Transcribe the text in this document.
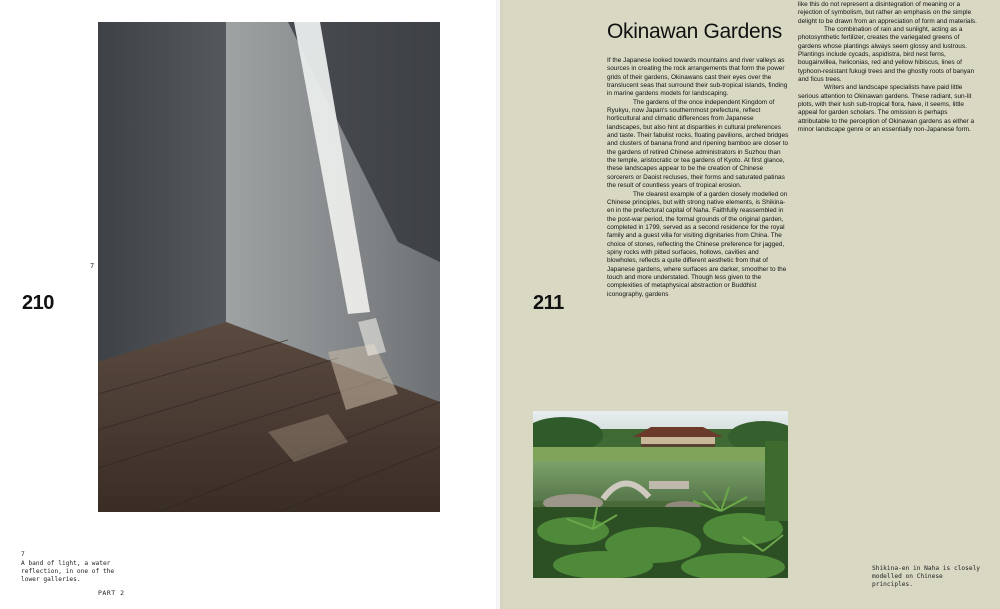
7
210
7
A band of light, a water reflection, in one of the lower galleries.
PART 2
Okinawan Gardens
211

If the Japanese looked towards mountains and river valleys as sources in creating the rock arrangements that form the power grids of their gardens, Okinawans cast their eyes over the translucent seas that surround their sub-tropical islands, finding in marine gardens models for landscaping.

The gardens of the once independent Kingdom of Ryukyu, now Japan's southernmost prefecture, reflect horticultural and climatic differences from Japanese landscapes, but also hint at disparities in cultural preferences and taste. Their fabulist rocks, floating pavilions, arched bridges and clusters of banana frond and ripening bamboo are closer to the gardens of retired Chinese administrators in Suzhou than the temple, aristocratic or tea gardens of Kyoto. At first glance, these landscapes appear to be the creation of Chinese sorcerers or Daoist recluses, their forms and saturated patinas the result of countless years of tropical erosion.

The clearest example of a garden closely modelled on Chinese principles, but with strong native elements, is Shikina-en in the prefectural capital of Naha. Faithfully reassembled in the post-war period, the formal grounds of the original garden, completed in 1799, served as a second residence for the royal family and a guest villa for visiting dignitaries from China. The choice of stones, reflecting the Chinese preference for jagged, spiny rocks with pitted surfaces, hollows, cavities and blowholes, reflects a quite different aesthetic from that of Japanese gardens, where surfaces are darker, smoother to the touch and more understated. Though less given to the complexities of metaphysical abstraction or Buddhist iconography, gardens

like this do not represent a disintegration of meaning or a rejection of symbolism, but rather an emphasis on the simple delight to be drawn from an appreciation of form and materials.

The combination of rain and sunlight, acting as a photosynthetic fertilizer, creates the variegated greens of gardens whose plantings always seem glossy and lustrous. Plantings include cycads, aspidistra, bird nest ferns, bougainvillea, heliconias, red and yellow hibiscus, lines of typhoon-resistant fukugi trees and the ghostly roots of banyan and ficus trees.

Writers and landscape specialists have paid little serious attention to Okinawan gardens. These radiant, sun-lit plots, with their lush sub-tropical flora, have, it seems, little appeal for garden scholars. The omission is perhaps attributable to the perception of Okinawan gardens as either a minor landscape genre or an essentially non-Japanese form.

Shikina-en in Naha is closely modelled on Chinese principles.
